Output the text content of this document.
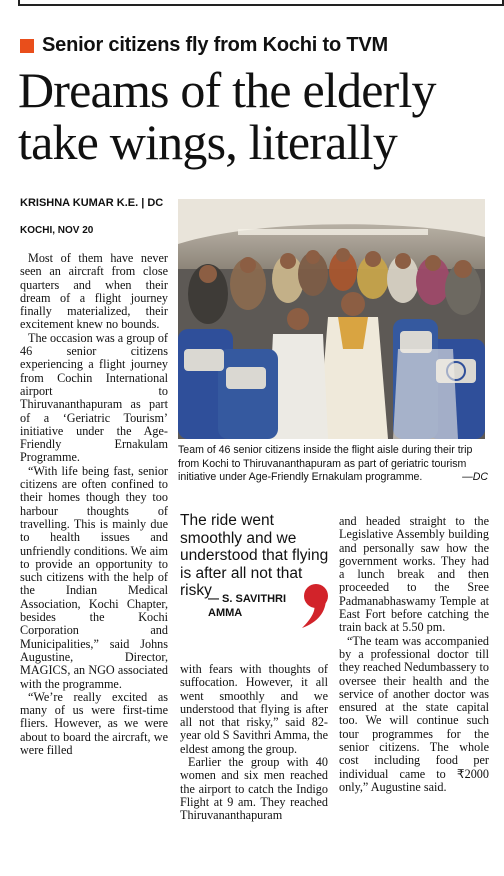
Senior citizens fly from Kochi to TVM
Dreams of the elderly take wings, literally
KRISHNA KUMAR K.E. | DC
KOCHI, NOV 20
Team of 46 senior citizens inside the flight aisle during their trip from Kochi to Thiruvananthapuram as part of geriatric tourism initiative under Age-Friendly Ernakulam programme.	—DC

Most of them have never seen an aircraft from close quarters and when their dream of a flight journey finally materialized, their excitement knew no bounds.

The occasion was a group of 46 senior citizens experiencing a flight journey from Cochin International airport to Thiruvananthapuram as part of a ‘Geriatric Tourism’ initiative under the Age-Friendly Ernakulam Programme.

“With life being fast, senior citizens are often confined to their homes though they too harbour thoughts of travelling. This is mainly due to health issues and unfriendly conditions. We aim to provide an opportunity to such citizens with the help of the Indian Medical Association, Kochi Chapter, besides the Kochi Corporation and Municipalities,” said Johns Augustine, Director, MAGICS, an NGO associated with the programme.

“We’re really excited as many of us were first-time fliers. However, as we were about to board the aircraft, we were filled

The ride went smoothly and we understood that flying is after all not that risky
— S. SAVITHRI AMMA

with fears with thoughts of suffocation. However, it all went smoothly and we understood that flying is after all not that risky,” said 82-year old S Savithri Amma, the eldest among the group.

Earlier the group with 40 women and six men reached the airport to catch the Indigo Flight at 9 am. They reached Thiruvananthapuram

and headed straight to the Legislative Assembly building and personally saw how the government works. They had a lunch break and then proceeded to the Sree Padmanabhaswamy Temple at East Fort before catching the train back at 5.50 pm.

“The team was accompanied by a professional doctor till they reached Nedumbassery to oversee their health and the service of another doctor was ensured at the state capital too. We will continue such tour programmes for the senior citizens. The whole cost including food per individual came to ₹2000 only,” Augustine said.
